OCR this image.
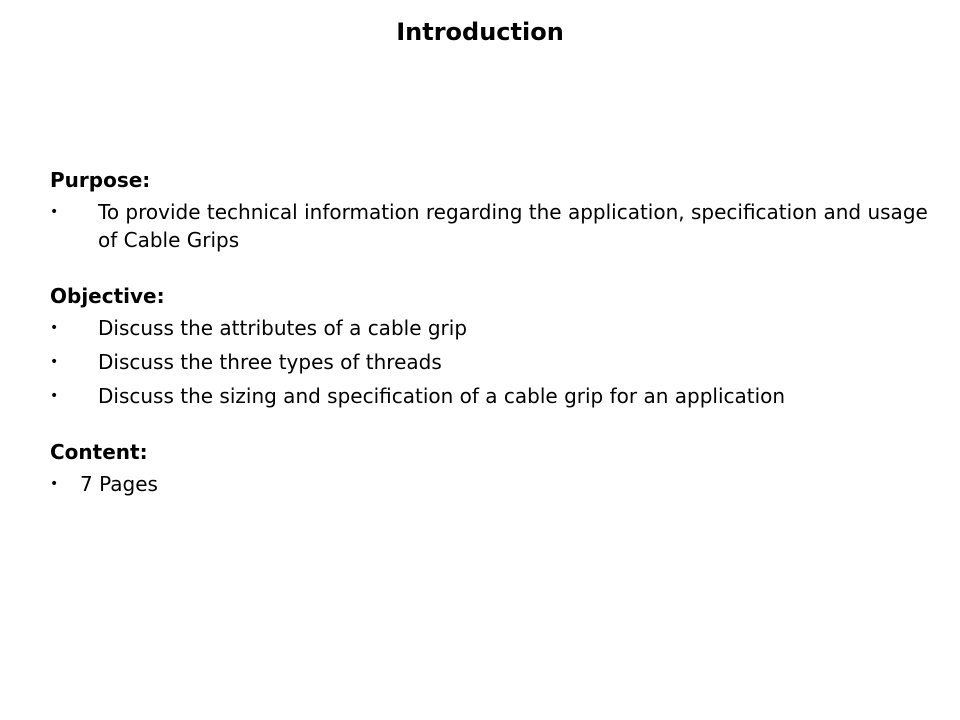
Introduction
Purpose:
• To provide technical information regarding the application, specification and usage of Cable Grips
Objective:
• Discuss the attributes of a cable grip
• Discuss the three types of threads
• Discuss the sizing and specification of a cable grip for an application
Content:
• 7 Pages
